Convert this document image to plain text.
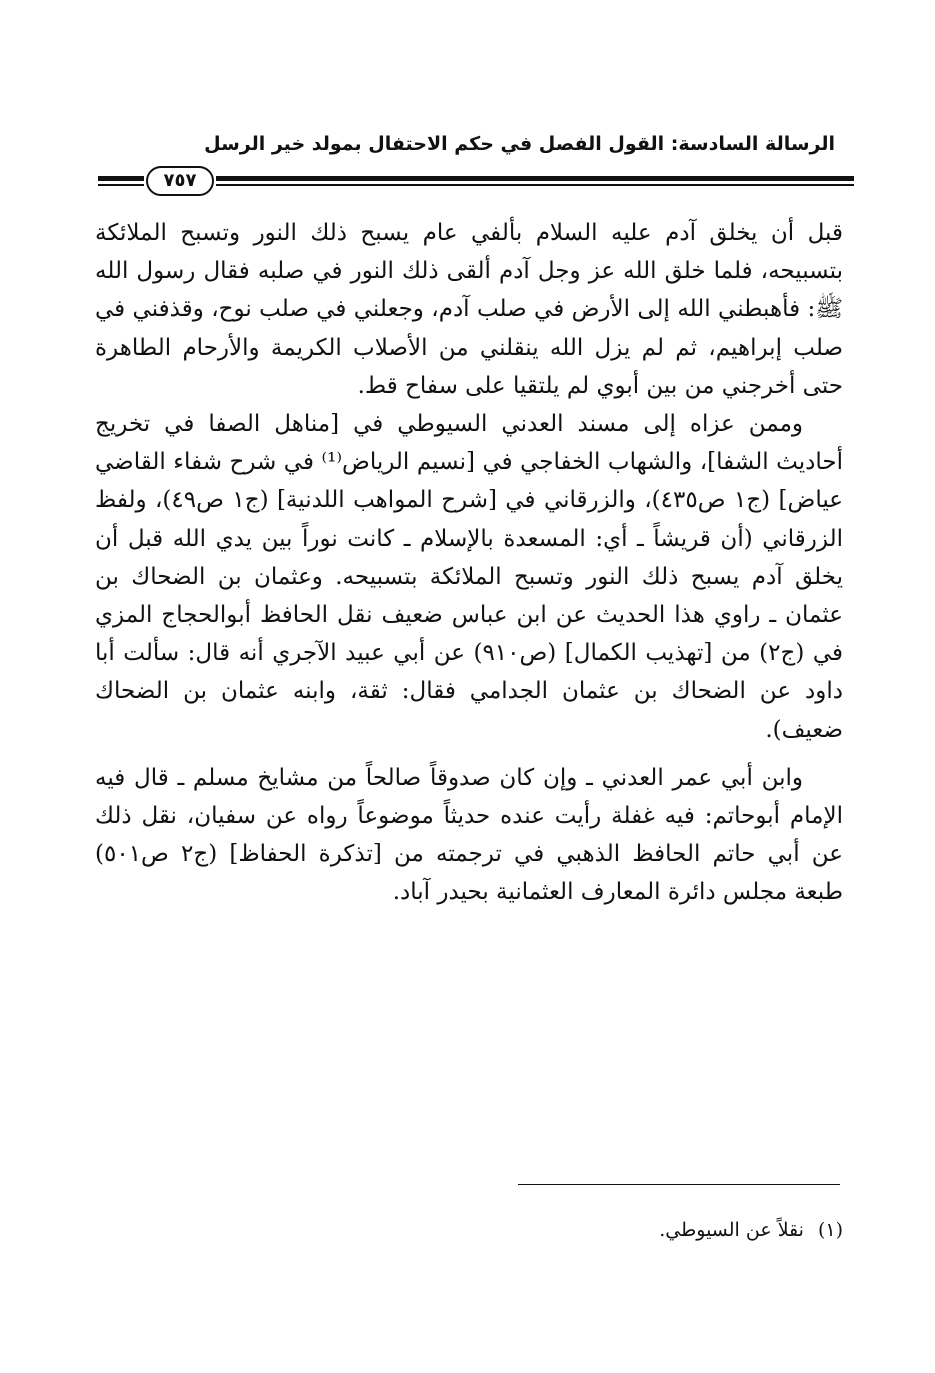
الرسالة السادسة: القول الفصل في حكم الاحتفال بمولد خير الرسل
٧٥٧

قبل أن يخلق آدم عليه السلام بألفي عام يسبح ذلك النور وتسبح الملائكة بتسبيحه، فلما خلق الله عز وجل آدم ألقى ذلك النور في صلبه فقال رسول الله ﷺ: فأهبطني الله إلى الأرض في صلب آدم، وجعلني في صلب نوح، وقذفني في صلب إبراهيم، ثم لم يزل الله ينقلني من الأصلاب الكريمة والأرحام الطاهرة حتى أخرجني من بين أبوي لم يلتقيا على سفاح قط.

وممن عزاه إلى مسند العدني السيوطي في [مناهل الصفا في تخريج أحاديث الشفا]، والشهاب الخفاجي في [نسيم الرياض⁽¹⁾ في شرح شفاء القاضي عياض] (ج١ ص٤٣٥)، والزرقاني في [شرح المواهب اللدنية] (ج١ ص٤٩)، ولفظ الزرقاني (أن قريشاً ـ أي: المسعدة بالإسلام ـ كانت نوراً بين يدي الله قبل أن يخلق آدم يسبح ذلك النور وتسبح الملائكة بتسبيحه. وعثمان بن الضحاك بن عثمان ـ راوي هذا الحديث عن ابن عباس ضعيف نقل الحافظ أبوالحجاج المزي في (ج٢) من [تهذيب الكمال] (ص٩١٠) عن أبي عبيد الآجري أنه قال: سألت أبا داود عن الضحاك بن عثمان الجدامي فقال: ثقة، وابنه عثمان بن الضحاك ضعيف).

وابن أبي عمر العدني ـ وإن كان صدوقاً صالحاً من مشايخ مسلم ـ قال فيه الإمام أبوحاتم: فيه غفلة رأيت عنده حديثاً موضوعاً رواه عن سفيان، نقل ذلك عن أبي حاتم الحافظ الذهبي في ترجمته من [تذكرة الحفاظ] (ج٢ ص٥٠١) طبعة مجلس دائرة المعارف العثمانية بحيدر آباد.

(١)نقلاً عن السيوطي.
